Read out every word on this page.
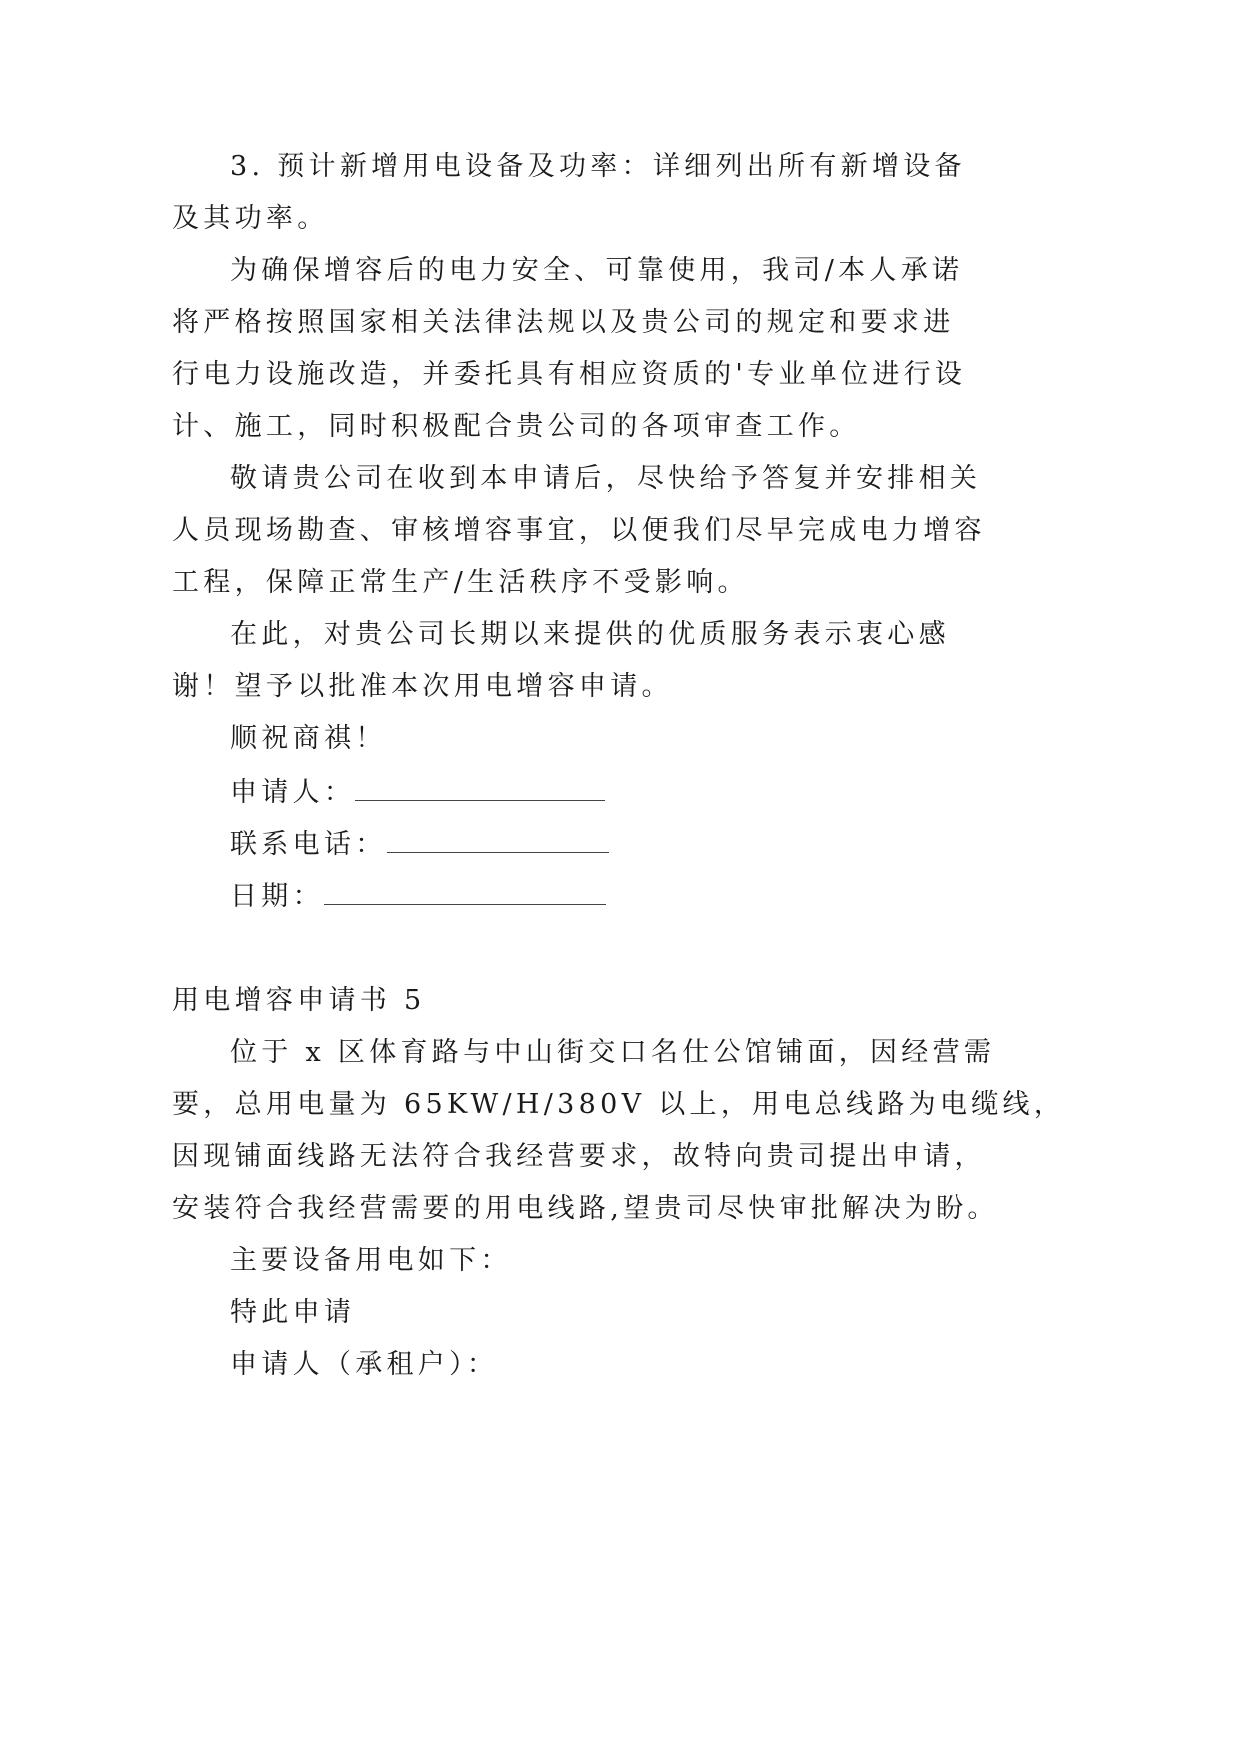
3. 预计新增用电设备及功率：详细列出所有新增设备
及其功率。
为确保增容后的电力安全、可靠使用，我司/本人承诺
将严格按照国家相关法律法规以及贵公司的规定和要求进
行电力设施改造，并委托具有相应资质的'专业单位进行设
计、施工，同时积极配合贵公司的各项审查工作。
敬请贵公司在收到本申请后，尽快给予答复并安排相关
人员现场勘查、审核增容事宜，以便我们尽早完成电力增容
工程，保障正常生产/生活秩序不受影响。
在此，对贵公司长期以来提供的优质服务表示衷心感
谢！望予以批准本次用电增容申请。
顺祝商祺！
申请人：
联系电话：
日期：
用电增容申请书 5
位于 x 区体育路与中山街交口名仕公馆铺面，因经营需
要，总用电量为 65KW/H/380V 以上，用电总线路为电缆线，
因现铺面线路无法符合我经营要求，故特向贵司提出申请，
安装符合我经营需要的用电线路,望贵司尽快审批解决为盼。
主要设备用电如下：
特此申请
申请人（承租户）：
